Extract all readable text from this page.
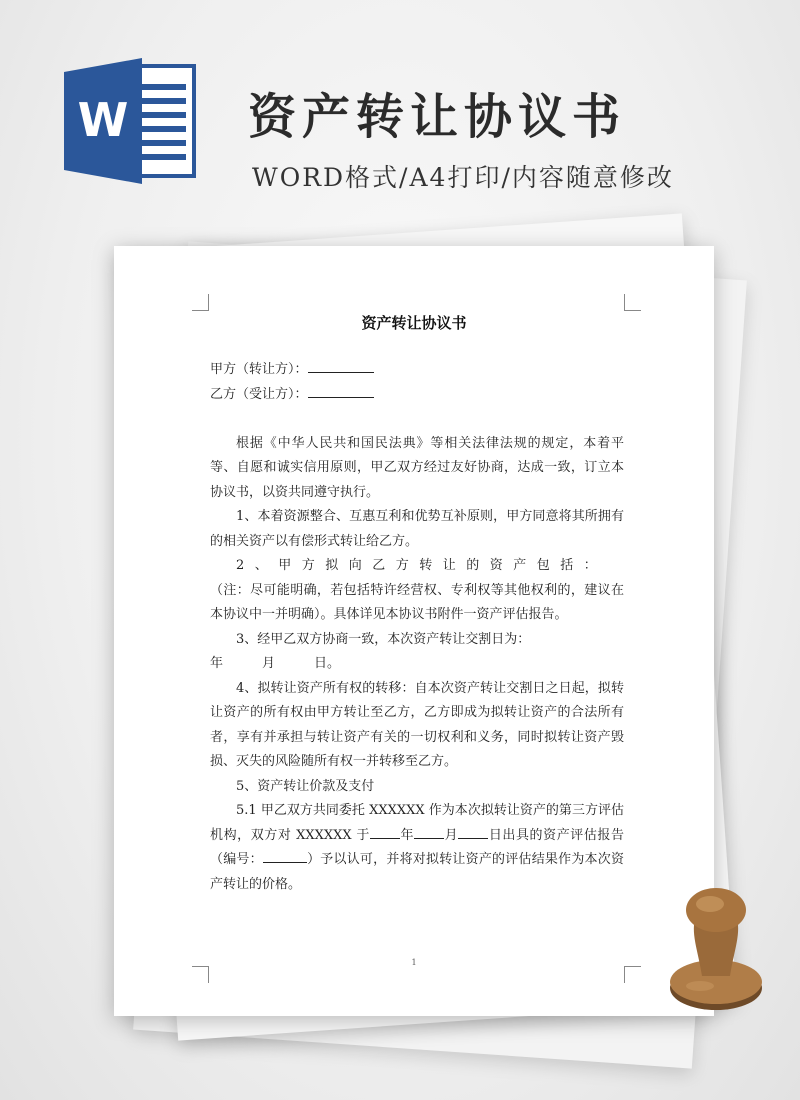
W 资产转让协议书
WORD格式/A4打印/内容随意修改
资产转让协议书

甲方（转让方）：

乙方（受让方）：

根据《中华人民共和国民法典》等相关法律法规的规定，本着平等、自愿和诚实信用原则，甲乙双方经过友好协商，达成一致，订立本协议书，以资共同遵守执行。

1、本着资源整合、互惠互利和优势互补原则，甲方同意将其所拥有的相关资产以有偿形式转让给乙方。

2、甲方拟向乙方转让的资产包括：

（注：尽可能明确，若包括特许经营权、专利权等其他权利的，建议在本协议中一并明确）。具体详见本协议书附件一资产评估报告。

3、经甲乙双方协商一致，本次资产转让交割日为：

年　　　月　　　日。

4、拟转让资产所有权的转移：自本次资产转让交割日之日起，拟转让资产的所有权由甲方转让至乙方，乙方即成为拟转让资产的合法所有者，享有并承担与转让资产有关的一切权利和义务，同时拟转让资产毁损、灭失的风险随所有权一并转移至乙方。

5、资产转让价款及支付

5.1 甲乙双方共同委托 XXXXXX 作为本次拟转让资产的第三方评估机构，双方对 XXXXXX 于 年 月 日出具的资产评估报告（编号：	）予以认可，并将对拟转让资产的评估结果作为本次资产转让的价格。

1
